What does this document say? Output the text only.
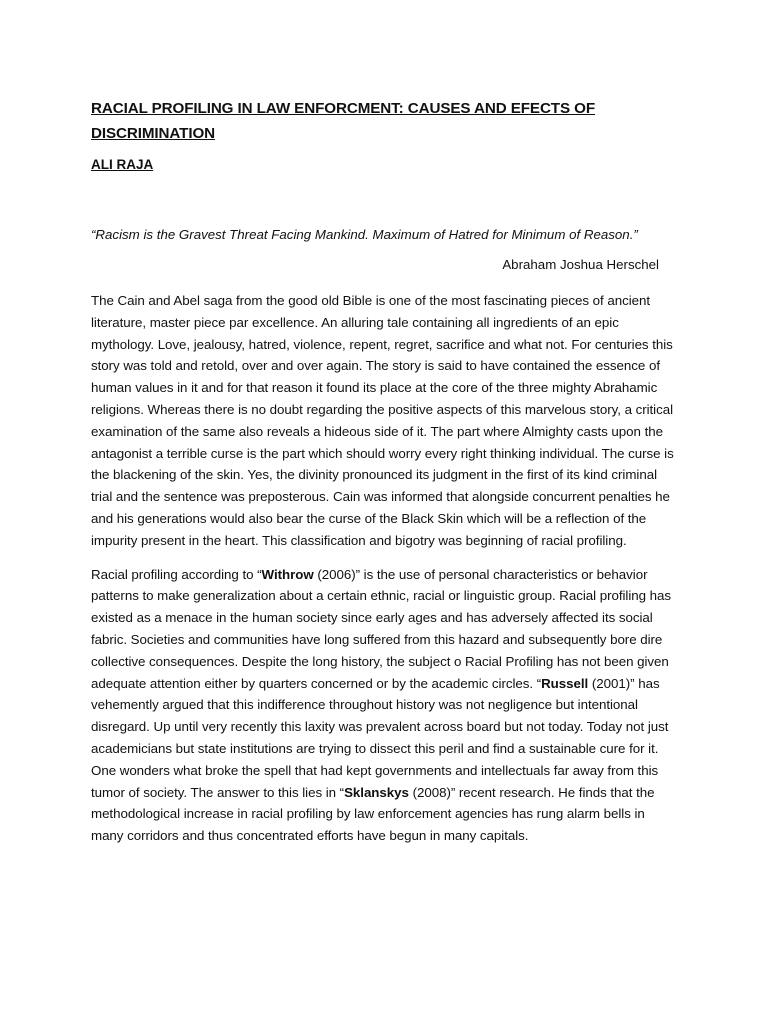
RACIAL PROFILING IN LAW ENFORCMENT: CAUSES AND EFECTS OF DISCRIMINATION
ALI RAJA
“Racism is the Gravest Threat Facing Mankind. Maximum of Hatred for Minimum of Reason.”
Abraham Joshua Herschel

The Cain and Abel saga from the good old Bible is one of the most fascinating pieces of ancient literature, master piece par excellence. An alluring tale containing all ingredients of an epic mythology. Love, jealousy, hatred, violence, repent, regret, sacrifice and what not. For centuries this story was told and retold, over and over again. The story is said to have contained the essence of human values in it and for that reason it found its place at the core of the three mighty Abrahamic religions. Whereas there is no doubt regarding the positive aspects of this marvelous story, a critical examination of the same also reveals a hideous side of it. The part where Almighty casts upon the antagonist a terrible curse is the part which should worry every right thinking individual. The curse is the blackening of the skin. Yes, the divinity pronounced its judgment in the first of its kind criminal trial and the sentence was preposterous. Cain was informed that alongside concurrent penalties he and his generations would also bear the curse of the Black Skin which will be a reflection of the impurity present in the heart. This classification and bigotry was beginning of racial profiling.

Racial profiling according to “Withrow (2006)” is the use of personal characteristics or behavior patterns to make generalization about a certain ethnic, racial or linguistic group. Racial profiling has existed as a menace in the human society since early ages and has adversely affected its social fabric. Societies and communities have long suffered from this hazard and subsequently bore dire collective consequences. Despite the long history, the subject o Racial Profiling has not been given adequate attention either by quarters concerned or by the academic circles. “Russell (2001)” has vehemently argued that this indifference throughout history was not negligence but intentional disregard. Up until very recently this laxity was prevalent across board but not today. Today not just academicians but state institutions are trying to dissect this peril and find a sustainable cure for it. One wonders what broke the spell that had kept governments and intellectuals far away from this tumor of society. The answer to this lies in “Sklanskys (2008)” recent research. He finds that the methodological increase in racial profiling by law enforcement agencies has rung alarm bells in many corridors and thus concentrated efforts have begun in many capitals.
